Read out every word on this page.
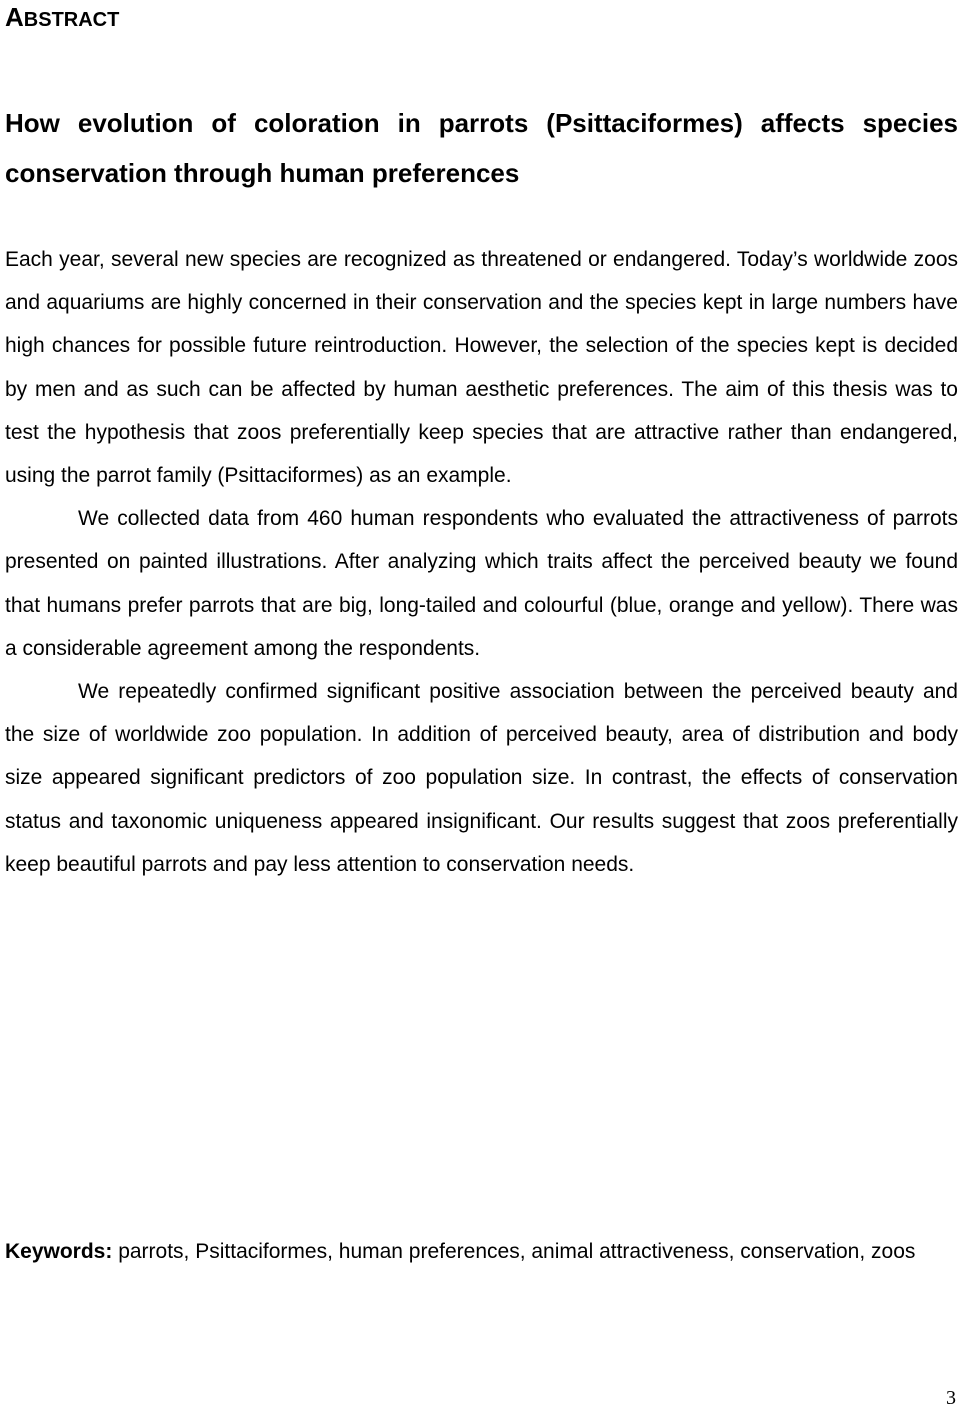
ABSTRACT
How evolution of coloration in parrots (Psittaciformes) affects species conservation through human preferences

Each year, several new species are recognized as threatened or endangered. Today’s worldwide zoos and aquariums are highly concerned in their conservation and the species kept in large numbers have high chances for possible future reintroduction. However, the selection of the species kept is decided by men and as such can be affected by human aesthetic preferences. The aim of this thesis was to test the hypothesis that zoos preferentially keep species that are attractive rather than endangered, using the parrot family (Psittaciformes) as an example.

We collected data from 460 human respondents who evaluated the attractiveness of parrots presented on painted illustrations. After analyzing which traits affect the perceived beauty we found that humans prefer parrots that are big, long-tailed and colourful (blue, orange and yellow). There was a considerable agreement among the respondents.

We repeatedly confirmed significant positive association between the perceived beauty and the size of worldwide zoo population. In addition of perceived beauty, area of distribution and body size appeared significant predictors of zoo population size. In contrast, the effects of conservation status and taxonomic uniqueness appeared insignificant. Our results suggest that zoos preferentially keep beautiful parrots and pay less attention to conservation needs.

Keywords: parrots, Psittaciformes, human preferences, animal attractiveness, conservation, zoos

3
